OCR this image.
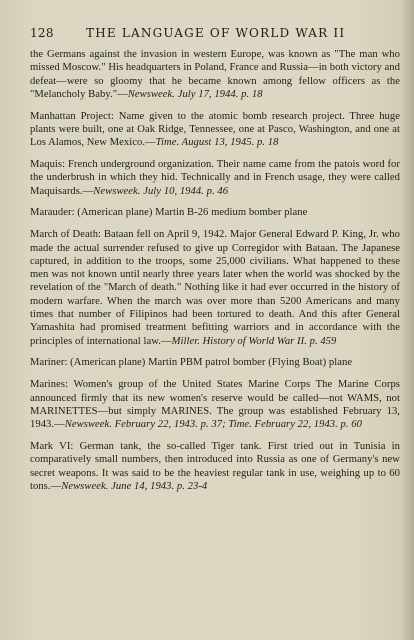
128	THE LANGUAGE OF WORLD WAR II

the Germans against the invasion in western Europe, was known as "The man who missed Moscow." His headquarters in Poland, France and Russia—in both victory and defeat—were so gloomy that he became known among fellow officers as the "Melancholy Baby."—Newsweek. July 17, 1944. p. 18

Manhattan Project: Name given to the atomic bomb research project. Three huge plants were built, one at Oak Ridge, Tennessee, one at Pasco, Washington, and one at Los Alamos, New Mexico.—Time. August 13, 1945. p. 18

Maquis: French underground organization. Their name came from the patois word for the underbrush in which they hid. Technically and in French usage, they were called Maquisards.—Newsweek. July 10, 1944. p. 46

Marauder: (American plane) Martin B-26 medium bomber plane

March of Death: Bataan fell on April 9, 1942. Major General Edward P. King, Jr. who made the actual surrender refused to give up Corregidor with Bataan. The Japanese captured, in addition to the troops, some 25,000 civilians. What happened to these men was not known until nearly three years later when the world was shocked by the revelation of the "March of death." Nothing like it had ever occurred in the history of modern warfare. When the march was over more than 5200 Americans and many times that number of Filipinos had been tortured to death. And this after General Yamashita had promised treatment befitting warriors and in accordance with the principles of international law.—Miller. History of World War II. p. 459

Mariner: (American plane) Martin PBM patrol bomber (Flying Boat) plane

Marines: Women's group of the United States Marine Corps The Marine Corps announced firmly that its new women's reserve would be called—not WAMS, not MARINETTES—but simply MARINES. The group was established February 13, 1943.—Newsweek. February 22, 1943. p. 37; Time. February 22, 1943. p. 60

Mark VI: German tank, the so-called Tiger tank. First tried out in Tunisia in comparatively small numbers, then introduced into Russia as one of Germany's new secret weapons. It was said to be the heaviest regular tank in use, weighing up to 60 tons.—Newsweek. June 14, 1943. p. 23-4
